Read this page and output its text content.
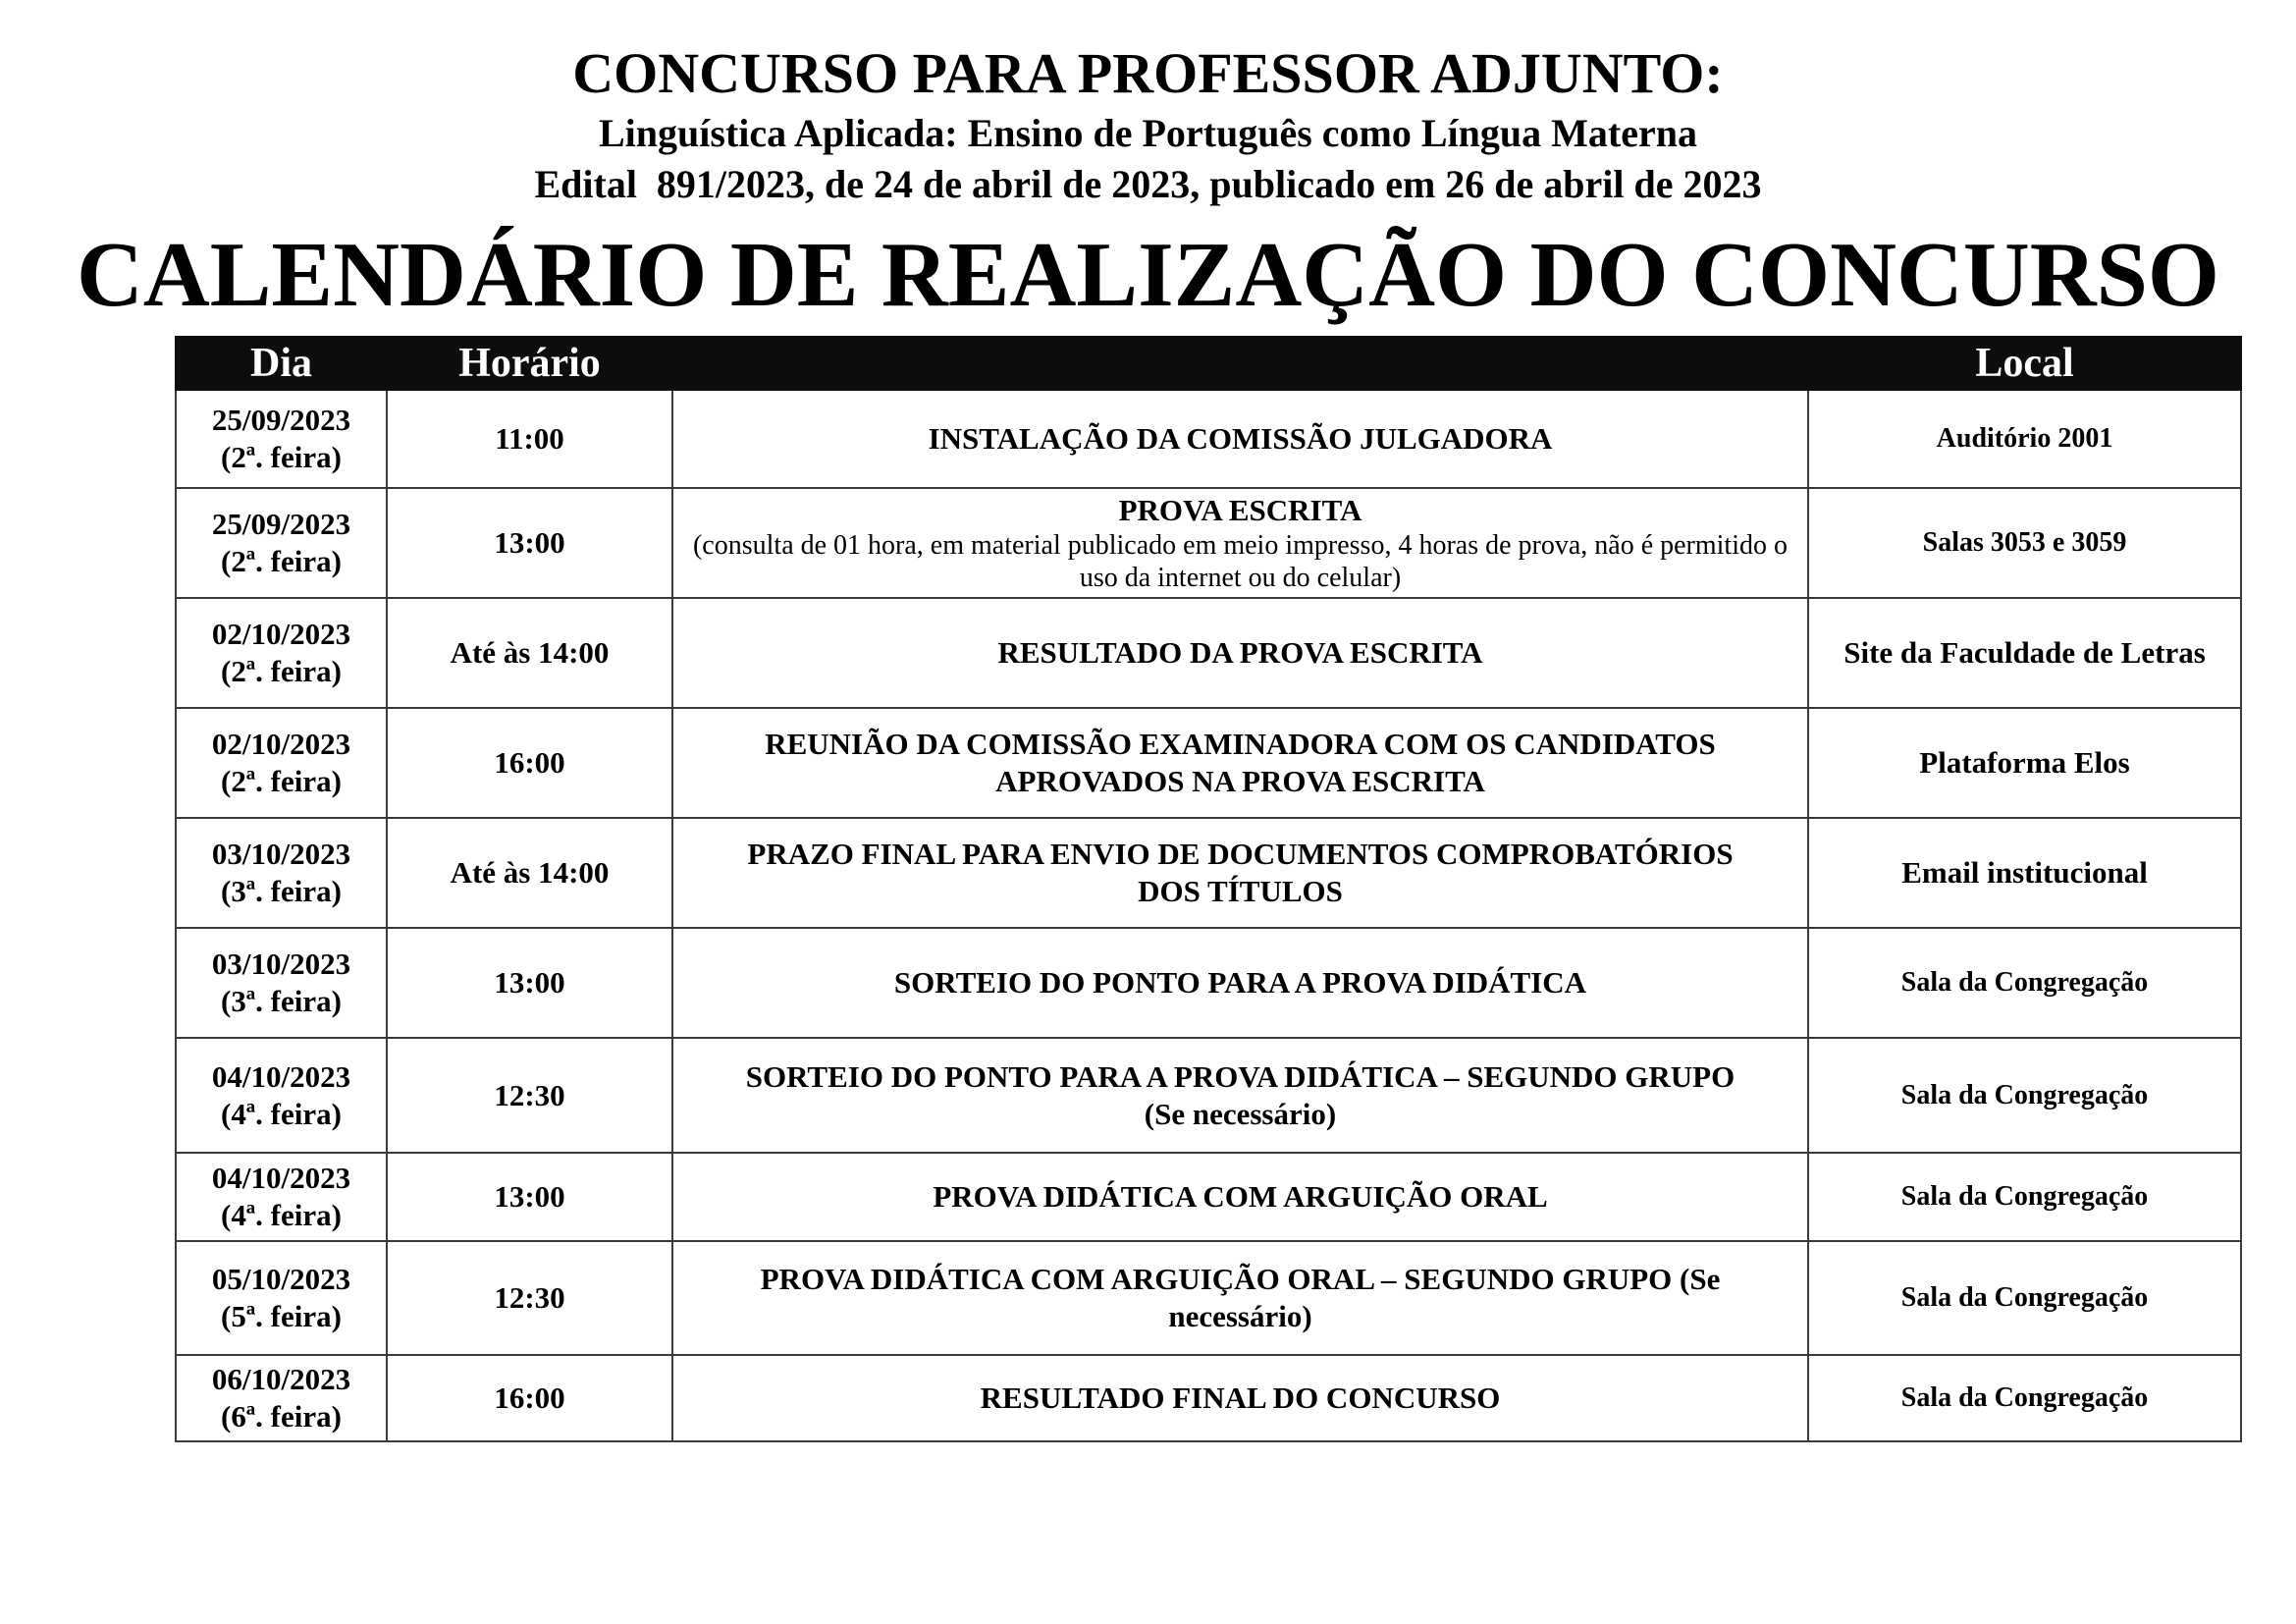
CONCURSO PARA PROFESSOR ADJUNTO:
Linguística Aplicada: Ensino de Português como Língua Materna
Edital  891/2023, de 24 de abril de 2023, publicado em 26 de abril de 2023
CALENDÁRIO DE REALIZAÇÃO DO CONCURSO
Dia	Horário		Local

25/09/2023
(2ª. feira)	11:00	INSTALAÇÃO DA COMISSÃO JULGADORA	Auditório 2001

25/09/2023
(2ª. feira)	13:00	PROVA ESCRITA
(consulta de 01 hora, em material publicado em meio impresso, 4 horas de prova, não é permitido o uso da internet ou do celular)	Salas 3053 e 3059

02/10/2023
(2ª. feira)	Até às 14:00	RESULTADO DA PROVA ESCRITA	Site da Faculdade de Letras

02/10/2023
(2ª. feira)	16:00	REUNIÃO DA COMISSÃO EXAMINADORA COM OS CANDIDATOS
APROVADOS NA PROVA ESCRITA	Plataforma Elos

03/10/2023
(3ª. feira)	Até às 14:00	PRAZO FINAL PARA ENVIO DE DOCUMENTOS COMPROBATÓRIOS
DOS TÍTULOS	Email institucional

03/10/2023
(3ª. feira)	13:00	SORTEIO DO PONTO PARA A PROVA DIDÁTICA	Sala da Congregação

04/10/2023
(4ª. feira)	12:30	SORTEIO DO PONTO PARA A PROVA DIDÁTICA – SEGUNDO GRUPO
(Se necessário)	Sala da Congregação

04/10/2023
(4ª. feira)	13:00	PROVA DIDÁTICA COM ARGUIÇÃO ORAL	Sala da Congregação

05/10/2023
(5ª. feira)	12:30	PROVA DIDÁTICA COM ARGUIÇÃO ORAL – SEGUNDO GRUPO (Se
necessário)	Sala da Congregação

06/10/2023
(6ª. feira)	16:00	RESULTADO FINAL DO CONCURSO	Sala da Congregação
